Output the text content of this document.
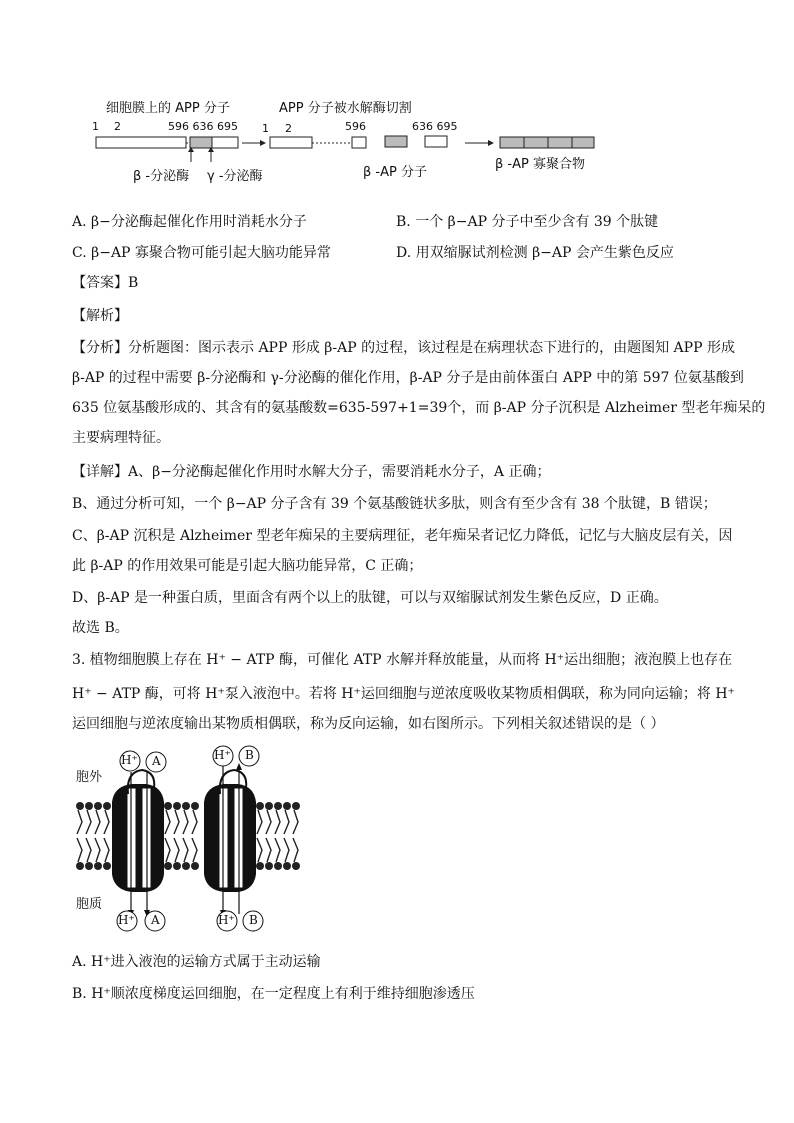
细胞膜上的 APP 分子	APP 分子被水解酶切割
1 2	596 636 695 1 2	596	636 695
β -分泌酶 γ -分泌酶	β -AP 分子
β -AP 寡聚合物
A. β−分泌酶起催化作用时消耗水分子	B. 一个 β−AP 分子中至少含有 39 个肽键
C. β−AP 寡聚合物可能引起大脑功能异常	D. 用双缩脲试剂检测 β−AP 会产生紫色反应
【答案】B
【解析】
【分析】分析题图：图示表示 APP 形成 β-AP 的过程，该过程是在病理状态下进行的，由题图知 APP 形成
β-AP 的过程中需要 β-分泌酶和 γ-分泌酶的催化作用，β-AP 分子是由前体蛋白 APP 中的第 597 位氨基酸到
635 位氨基酸形成的、其含有的氨基酸数=635-597+1=39个，而 β-AP 分子沉积是 Alzheimer 型老年痴呆的
主要病理特征。
【详解】A、β−分泌酶起催化作用时水解大分子，需要消耗水分子，A 正确；
B、通过分析可知，一个 β−AP 分子含有 39 个氨基酸链状多肽，则含有至少含有 38 个肽键，B 错误；
C、β-AP 沉积是 Alzheimer 型老年痴呆的主要病理征，老年痴呆者记忆力降低，记忆与大脑皮层有关，因
此 β-AP 的作用效果可能是引起大脑功能异常，C 正确；
D、β-AP 是一种蛋白质，里面含有两个以上的肽键，可以与双缩脲试剂发生紫色反应，D 正确。
故选 B。
3. 植物细胞膜上存在 H⁺ − ATP 酶，可催化 ATP 水解并释放能量，从而将 H⁺运出细胞；液泡膜上也存在
H⁺ − ATP 酶，可将 H⁺泵入液泡中。若将 H⁺运回细胞与逆浓度吸收某物质相偶联，称为同向运输；将 H⁺
运回细胞与逆浓度输出某物质相偶联，称为反向运输，如右图所示。下列相关叙述错误的是（ ）
胞外
胞质
H⁺ A	H⁺ B
H⁺ A	H⁺ B
A. H⁺进入液泡的运输方式属于主动运输
B. H⁺顺浓度梯度运回细胞，在一定程度上有利于维持细胞渗透压
